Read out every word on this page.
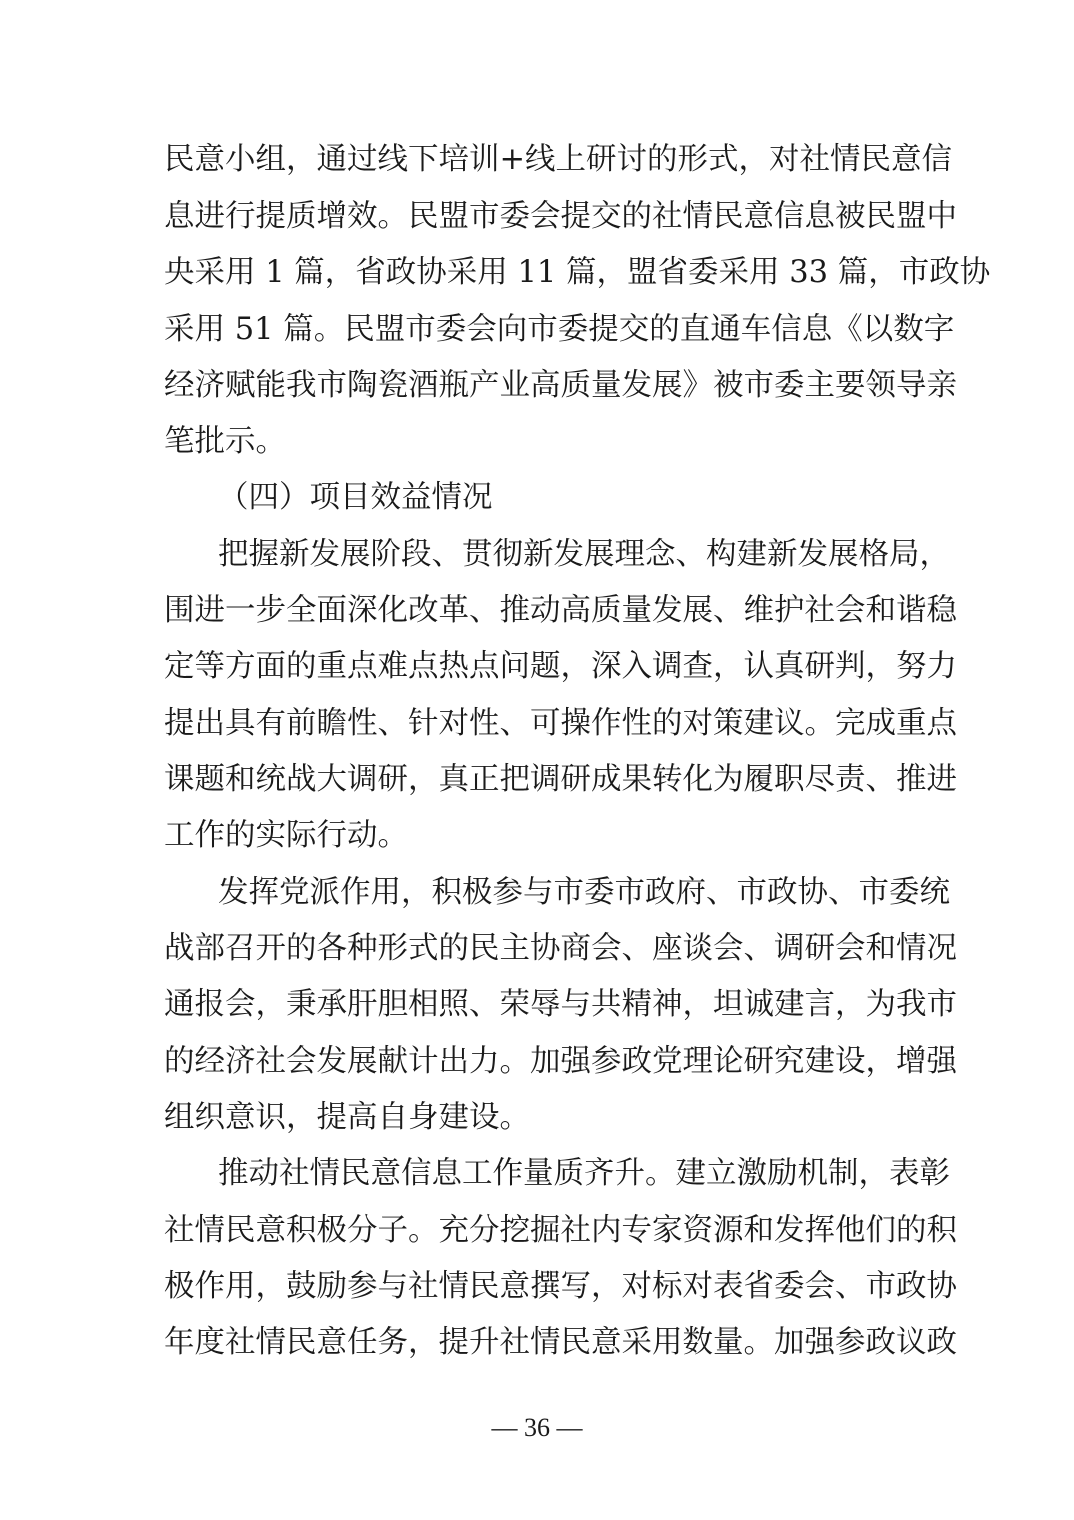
民意小组，通过线下培训+线上研讨的形式，对社情民意信
息进行提质增效。民盟市委会提交的社情民意信息被民盟中
央采用 1 篇，省政协采用 11 篇，盟省委采用 33 篇，市政协
采用 51 篇。民盟市委会向市委提交的直通车信息《以数字
经济赋能我市陶瓷酒瓶产业高质量发展》被市委主要领导亲
笔批示。
（四）项目效益情况
把握新发展阶段、贯彻新发展理念、构建新发展格局，
围进一步全面深化改革、推动高质量发展、维护社会和谐稳
定等方面的重点难点热点问题，深入调查，认真研判，努力
提出具有前瞻性、针对性、可操作性的对策建议。完成重点
课题和统战大调研，真正把调研成果转化为履职尽责、推进
工作的实际行动。
发挥党派作用，积极参与市委市政府、市政协、市委统
战部召开的各种形式的民主协商会、座谈会、调研会和情况
通报会，秉承肝胆相照、荣辱与共精神，坦诚建言，为我市
的经济社会发展献计出力。加强参政党理论研究建设，增强
组织意识，提高自身建设。
推动社情民意信息工作量质齐升。建立激励机制，表彰
社情民意积极分子。充分挖掘社内专家资源和发挥他们的积
极作用，鼓励参与社情民意撰写，对标对表省委会、市政协
年度社情民意任务，提升社情民意采用数量。加强参政议政
— 36 —
